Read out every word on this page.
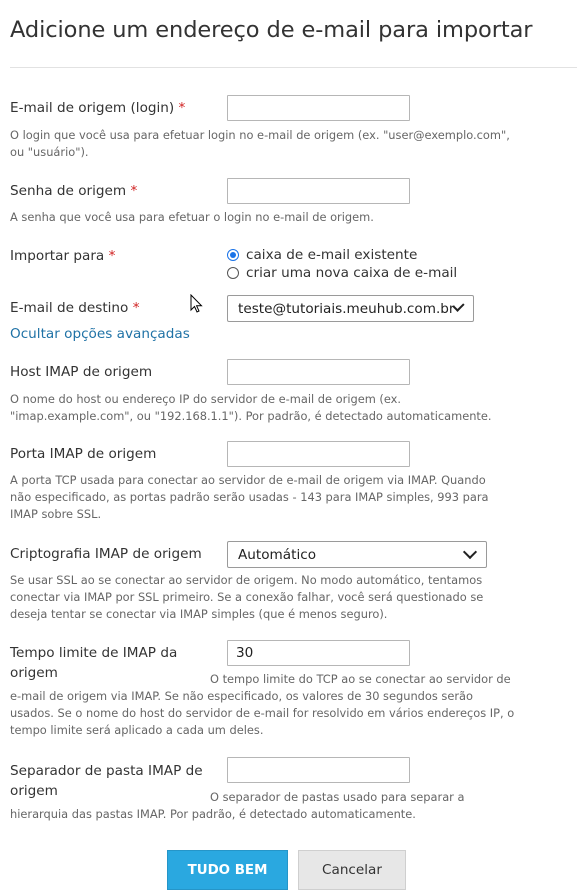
Adicione um endereço de e-mail para importar
E-mail de origem (login) *
O login que você usa para efetuar login no e-mail de origem (ex. "user@exemplo.com", ou "usuário").
Senha de origem *
A senha que você usa para efetuar o login no e-mail de origem.
Importar para *	caixa de e-mail existente
criar uma nova caixa de e-mail
E-mail de destino *	teste@tutoriais.meuhub.com.br
Ocultar opções avançadas
Host IMAP de origem
O nome do host ou endereço IP do servidor de e-mail de origem (ex. "imap.example.com", ou "192.168.1.1"). Por padrão, é detectado automaticamente.
Porta IMAP de origem
A porta TCP usada para conectar ao servidor de e-mail de origem via IMAP. Quando não especificado, as portas padrão serão usadas - 143 para IMAP simples, 993 para IMAP sobre SSL.
Criptografia IMAP de origem	Automático
Se usar SSL ao se conectar ao servidor de origem. No modo automático, tentamos conectar via IMAP por SSL primeiro. Se a conexão falhar, você será questionado se deseja tentar se conectar via IMAP simples (que é menos seguro).
Tempo limite de IMAP da origem
30	O tempo limite do TCP ao se conectar ao servidor de e-mail de origem via IMAP. Se não especificado, os valores de 30 segundos serão usados. Se o nome do host do servidor de e-mail for resolvido em vários endereços IP, o tempo limite será aplicado a cada um deles.
Separador de pasta IMAP de origem	O separador de pastas usado para separar a hierarquia das pastas IMAP. Por padrão, é detectado automaticamente.
TUDO BEM	Cancelar
